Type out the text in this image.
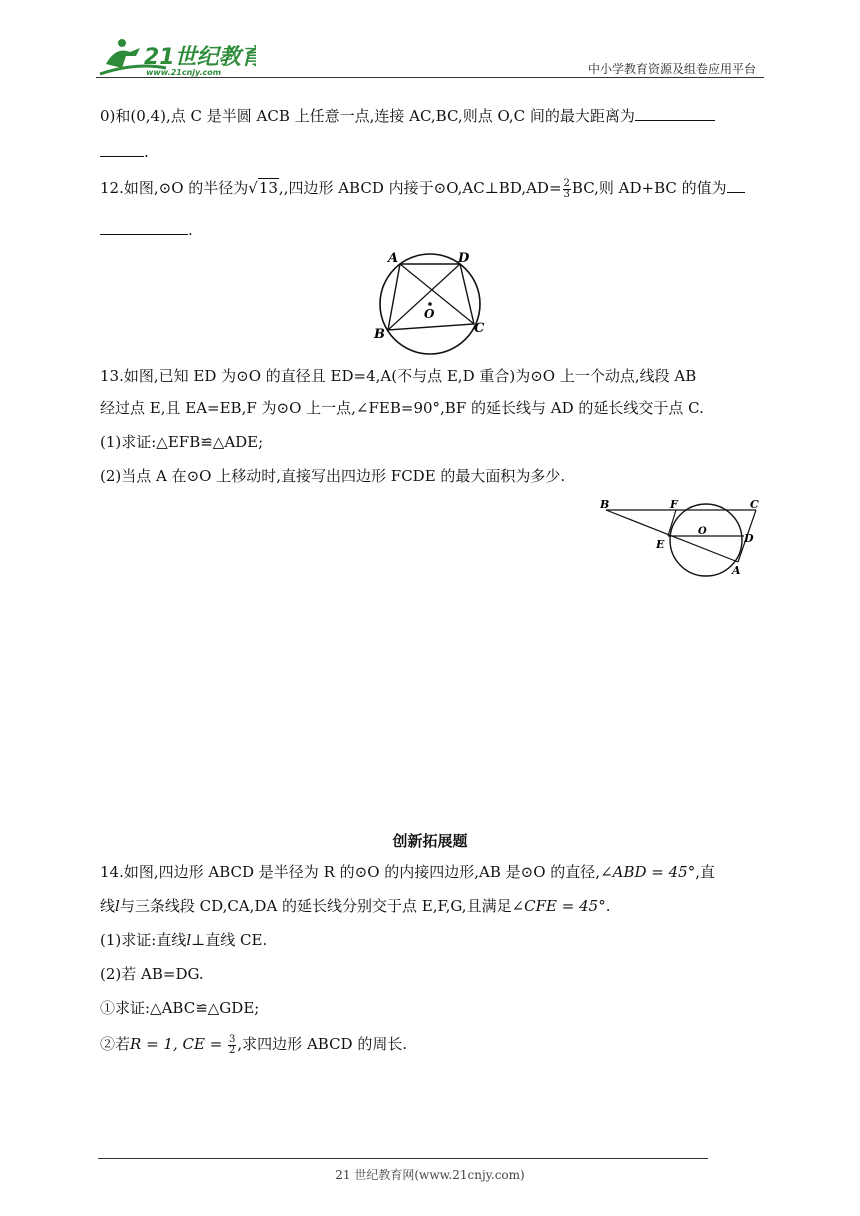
21世纪教育
www.21cnjy.com	中小学教育资源及组卷应用平台
0)和(0,4),点 C 是半圆 ACB 上任意一点,连接 AC,BC,则点 O,C 间的最大距离为
.
12.如图,⊙O 的半径为√13,,四边形 ABCD 内接于⊙O,AC⊥BD,AD= $\frac{2}{3}$ BC,则 AD+BC 的值为
.
A	D
B	C
O
13.如图,已知 ED 为⊙O 的直径且 ED=4,A(不与点 E,D 重合)为⊙O 上一个动点,线段 AB
经过点 E,且 EA=EB,F 为⊙O 上一点,∠FEB=90°,BF 的延长线与 AD 的延长线交于点 C.
(1)求证:△EFB≌△ADE;
(2)当点 A 在⊙O 上移动时,直接写出四边形 FCDE 的最大面积为多少.
B	F	C
O
E	D
A
创新拓展题
14.如图,四边形 ABCD 是半径为 R 的⊙O 的内接四边形,AB 是⊙O 的直径,∠ABD = 45°,直
线l与三条线段 CD,CA,DA 的延长线分别交于点 E,F,G,且满足∠CFE = 45°.
(1)求证:直线l⊥直线 CE.
(2)若 AB=DG.
①求证:△ABC≌△GDE;
②若R = 1, CE = $\frac{3}{2}$ ,求四边形 ABCD 的周长.
21 世纪教育网(www.21cnjy.com)
